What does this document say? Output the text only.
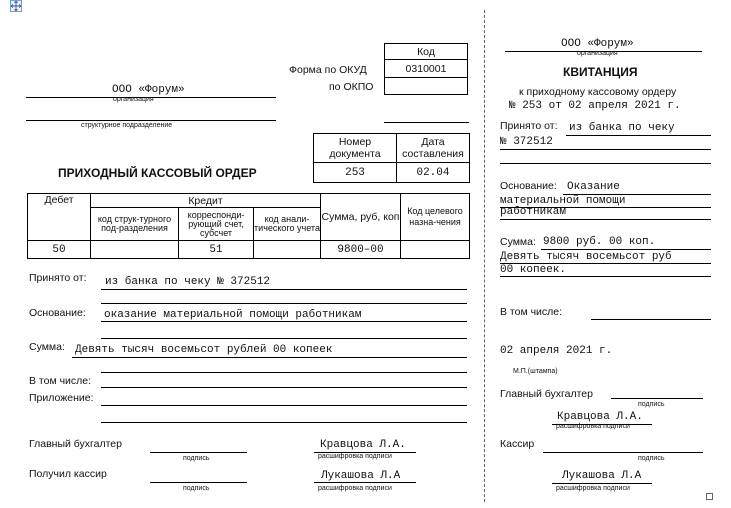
ООО «Форум»
организация
структурное подразделение
Форма по ОКУД
по ОКПО
Код
0310001

ПРИХОДНЫЙ КАССОВЫЙ ОРДЕР
Номер документа	Дата составления
253	02.04
Дебет	Кредит			Сумма, руб, коп	Код целевого назна-чения
	код струк-турного под-разделения	корреспонди-рующий счет, субсчет	код анали-тического учета		
50		51		9800–00	
Принято от: из банка по чеку № 372512
Основание: оказание материальной помощи работникам
Сумма: Девять тысяч восемьсот рублей 00 копеек
В том числе:
Приложение:
Главный бухгалтер
подпись
Кравцова Л.А.
расшифровка подписи
Получил кассир
подпись
Лукашова Л.А
расшифровка подписи
ООО «Форум»
организация
КВИТАНЦИЯ
к приходному кассовому ордеру
№ 253 от 02 апреля 2021 г.
Принято от: из банка по чеку
№ 372512
Основание: Оказание
материальной помощи
работникам
Сумма: 9800 руб. 00 коп.
Девять тысяч восемьсот руб
00 копеек.
В том числе:
02 апреля 2021 г.
М.П.(штампа)
Главный бухгалтер
подпись
Кравцова Л.А.
расшифровка подписи
Кассир
подпись
Лукашова Л.А
расшифровка подписи
